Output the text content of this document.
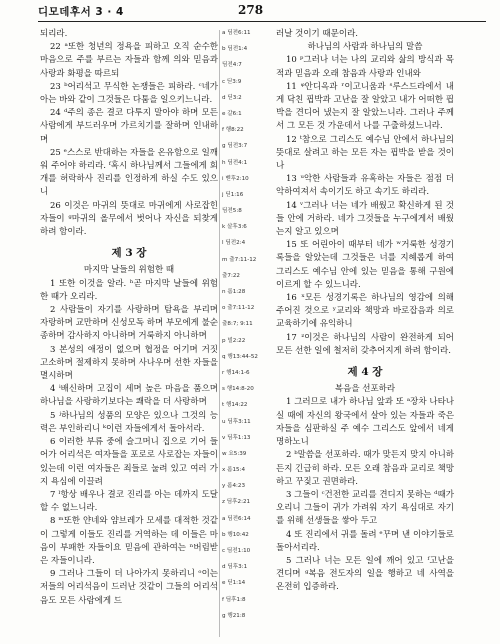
디모데후서 3 · 4	278

되리라.

22 ᵃ또한 청년의 정욕을 피하고 오직 순수한 마음으로 주를 부르는 자들과 함께 의와 믿음과 사랑과 화평을 따르되

23 ᵇ어리석고 무식한 논쟁들은 피하라. ᶜ네가 아는 바와 같이 그것들은 다툼을 일으키느니라.

24 ᵈ주의 종은 결코 다투지 말아야 하며 모든 사람에게 부드러우며 가르치기를 잘하며 인내하며

25 ᵉ스스로 반대하는 자들을 온유함으로 일깨워 주어야 하리라. ᶠ혹시 하나님께서 그들에게 회개를 허락하사 진리를 인정하게 하실 수도 있으니

26 이것은 마귀의 뜻대로 마귀에게 사로잡힌 자들이 ᵍ마귀의 올무에서 벗어나 자신을 되찾게 하려 함이라.

제 3 장

마지막 날들의 위험한 때

1 또한 이것을 알라. ʰ곧 마지막 날들에 위험한 때가 오리라.

2 사람들이 자기를 사랑하며 탐욕을 부리며 자랑하며 교만하며 신성모독 하며 부모에게 불순종하며 감사하지 아니하며 거룩하지 아니하며

3 본성의 애정이 없으며 협정을 어기며 거짓 고소하며 절제하지 못하며 사나우며 선한 자들을 멸시하며

4 ⁱ배신하며 고집이 세며 높은 마음을 품으며 하나님을 사랑하기보다는 쾌락을 더 사랑하며

5 ʲ하나님의 성품의 모양은 있으나 그것의 능력은 부인하리니 ᵏ이런 자들에게서 돌아서라.

6 이러한 부류 중에 슬그머니 집으로 기어 들어가 어리석은 여자들을 포로로 사로잡는 자들이 있는데 이런 여자들은 죄들로 눌려 있고 여러 가지 욕심에 이끌려

7 ˡ항상 배우나 결코 진리를 아는 데까지 도달할 수 없느니라.

8 ᵐ또한 얀네와 얌브레가 모세를 대적한 것같이 그렇게 이들도 진리를 거역하는 데 이들은 마음이 부패한 자들이요 믿음에 관하여는 ⁿ버림받은 자들이니라.

9 그러나 그들이 더 나아가지 못하리니 ᵒ이는 저들의 어리석음이 드러난 것같이 그들의 어리석음도 모든 사람에게 드

a 딤전6:11
b 딤전1:4
딤전4:7
c 딛3:9
d 딛3:2
e 갈6:1
f 행8:22
g 딤전3:7
h 딤전4:1
i 벧후2:10
j 딛1:16
딤전5:8
k 살후3:6
l 딤전2:4
m 출7:11-12
출7:22
n 롬1:28
o 출7:11-12
출8:7; 9:11
p 빌2:22
q 행13:44-52
r 행14:1-6
s 행14:8-20
t 행14:22
u 딤후3:11
v 딤후1:13
w 요5:39
x 롬15:4
y 롬4:23
z 딤후2:21
a 딤전6:14
b 행10:42
c 딤전1:10
d 딤후3:1
e 딛1:14
f 딤후1:8
g 행21:8

러날 것이기 때문이라.

하나님의 사람과 하나님의 말씀

10 ᵖ그러나 너는 나의 교리와 삶의 방식과 목적과 믿음과 오래 참음과 사랑과 인내와

11 ᵠ안디옥과 ʳ이고니움과 ˢ루스드라에서 내게 닥친 핍박과 고난을 잘 알았고 내가 어떠한 핍박을 견디어 냈는지 잘 알았느니라. 그러나 주께서 그 모든 것 가운데서 나를 구출하셨느니라.

12 ᵗ참으로 그리스도 예수님 안에서 하나님의 뜻대로 살려고 하는 모든 자는 핍박을 받을 것이나

13 ᵘ악한 사람들과 유혹하는 자들은 점점 더 악하여져서 속이기도 하고 속기도 하리라.

14 ᵛ그러나 너는 네가 배웠고 확신하게 된 것들 안에 거하라. 네가 그것들을 누구에게서 배웠는지 알고 있으며

15 또 어린아이 때부터 네가 ʷ거룩한 성경기록들을 알았는데 그것들은 너를 지혜롭게 하여 그리스도 예수님 안에 있는 믿음을 통해 구원에 이르게 할 수 있느니라.

16 ˣ모든 성경기록은 하나님의 영감에 의해 주어진 것으로 ʸ교리와 책망과 바로잡음과 의로 교육하기에 유익하니

17 ᶻ이것은 하나님의 사람이 완전하게 되어 모든 선한 일에 철저히 갖추어지게 하려 함이라.

제 4 장

복음을 선포하라

1 그러므로 내가 하나님 앞과 또 ᵃ장차 나타나실 때에 자신의 왕국에서 살아 있는 자들과 죽은 자들을 심판하실 주 예수 그리스도 앞에서 네게 명하노니

2 ᵇ말씀을 선포하라. 때가 맞든지 맞지 아니하든지 긴급히 하라. 모든 오래 참음과 교리로 책망하고 꾸짖고 권면하라.

3 그들이 ᶜ건전한 교리를 견디지 못하는 ᵈ때가 오리니 그들이 귀가 가려워 자기 욕심대로 자기를 위해 선생들을 쌓아 두고

4 또 진리에서 귀를 돌려 ᵉ꾸며 낸 이야기들로 돌아서리라.

5 그러나 너는 모든 일에 깨어 있고 ᶠ고난을 견디며 ᵍ복음 전도자의 일을 행하고 네 사역을 온전히 입증하라.
